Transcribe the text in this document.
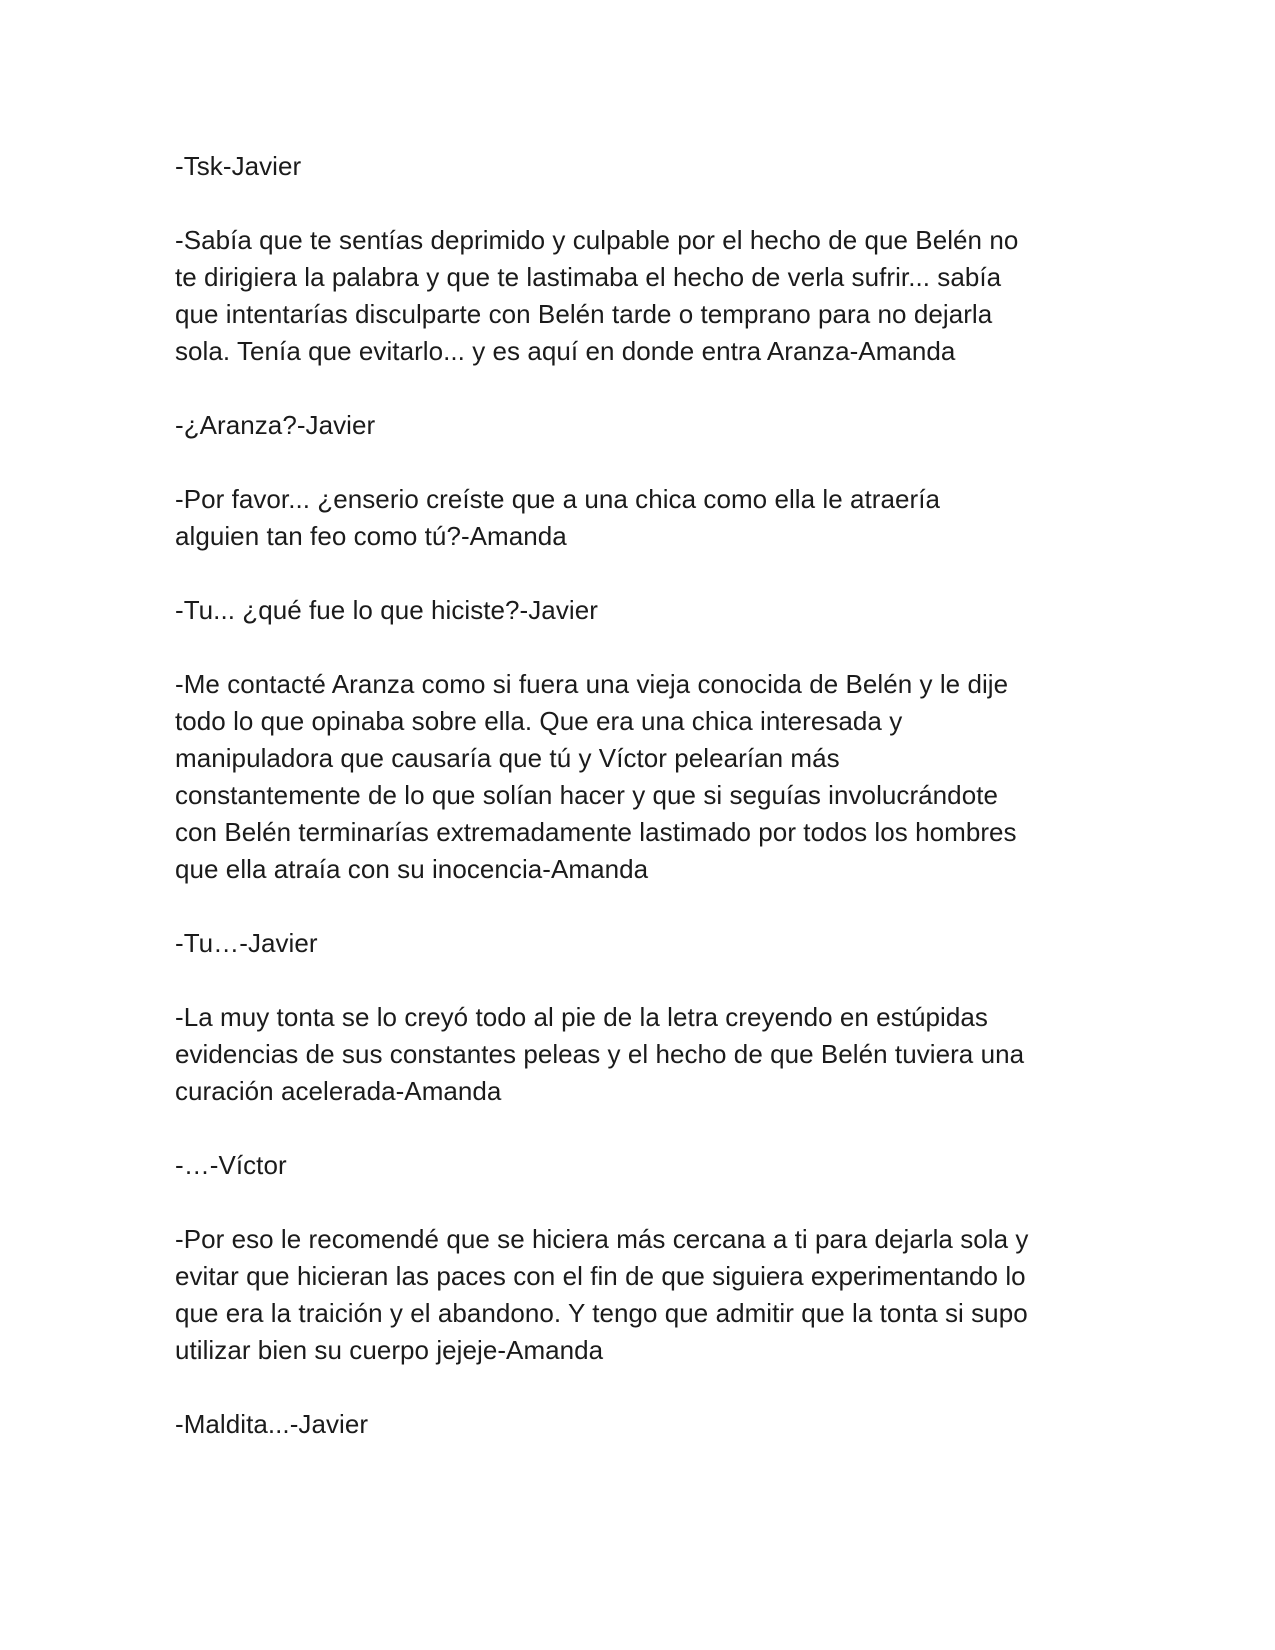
-Tsk-Javier

-Sabía que te sentías deprimido y culpable por el hecho de que Belén no
te dirigiera la palabra y que te lastimaba el hecho de verla sufrir... sabía
que intentarías disculparte con Belén tarde o temprano para no dejarla
sola. Tenía que evitarlo... y es aquí en donde entra Aranza-Amanda

-¿Aranza?-Javier

-Por favor... ¿enserio creíste que a una chica como ella le atraería
alguien tan feo como tú?-Amanda

-Tu... ¿qué fue lo que hiciste?-Javier

-Me contacté Aranza como si fuera una vieja conocida de Belén y le dije
todo lo que opinaba sobre ella. Que era una chica interesada y
manipuladora que causaría que tú y Víctor pelearían más
constantemente de lo que solían hacer y que si seguías involucrándote
con Belén terminarías extremadamente lastimado por todos los hombres
que ella atraía con su inocencia-Amanda

-Tu…-Javier

-La muy tonta se lo creyó todo al pie de la letra creyendo en estúpidas
evidencias de sus constantes peleas y el hecho de que Belén tuviera una
curación acelerada-Amanda

-…-Víctor

-Por eso le recomendé que se hiciera más cercana a ti para dejarla sola y
evitar que hicieran las paces con el fin de que siguiera experimentando lo
que era la traición y el abandono. Y tengo que admitir que la tonta si supo
utilizar bien su cuerpo jejeje-Amanda

-Maldita...-Javier
